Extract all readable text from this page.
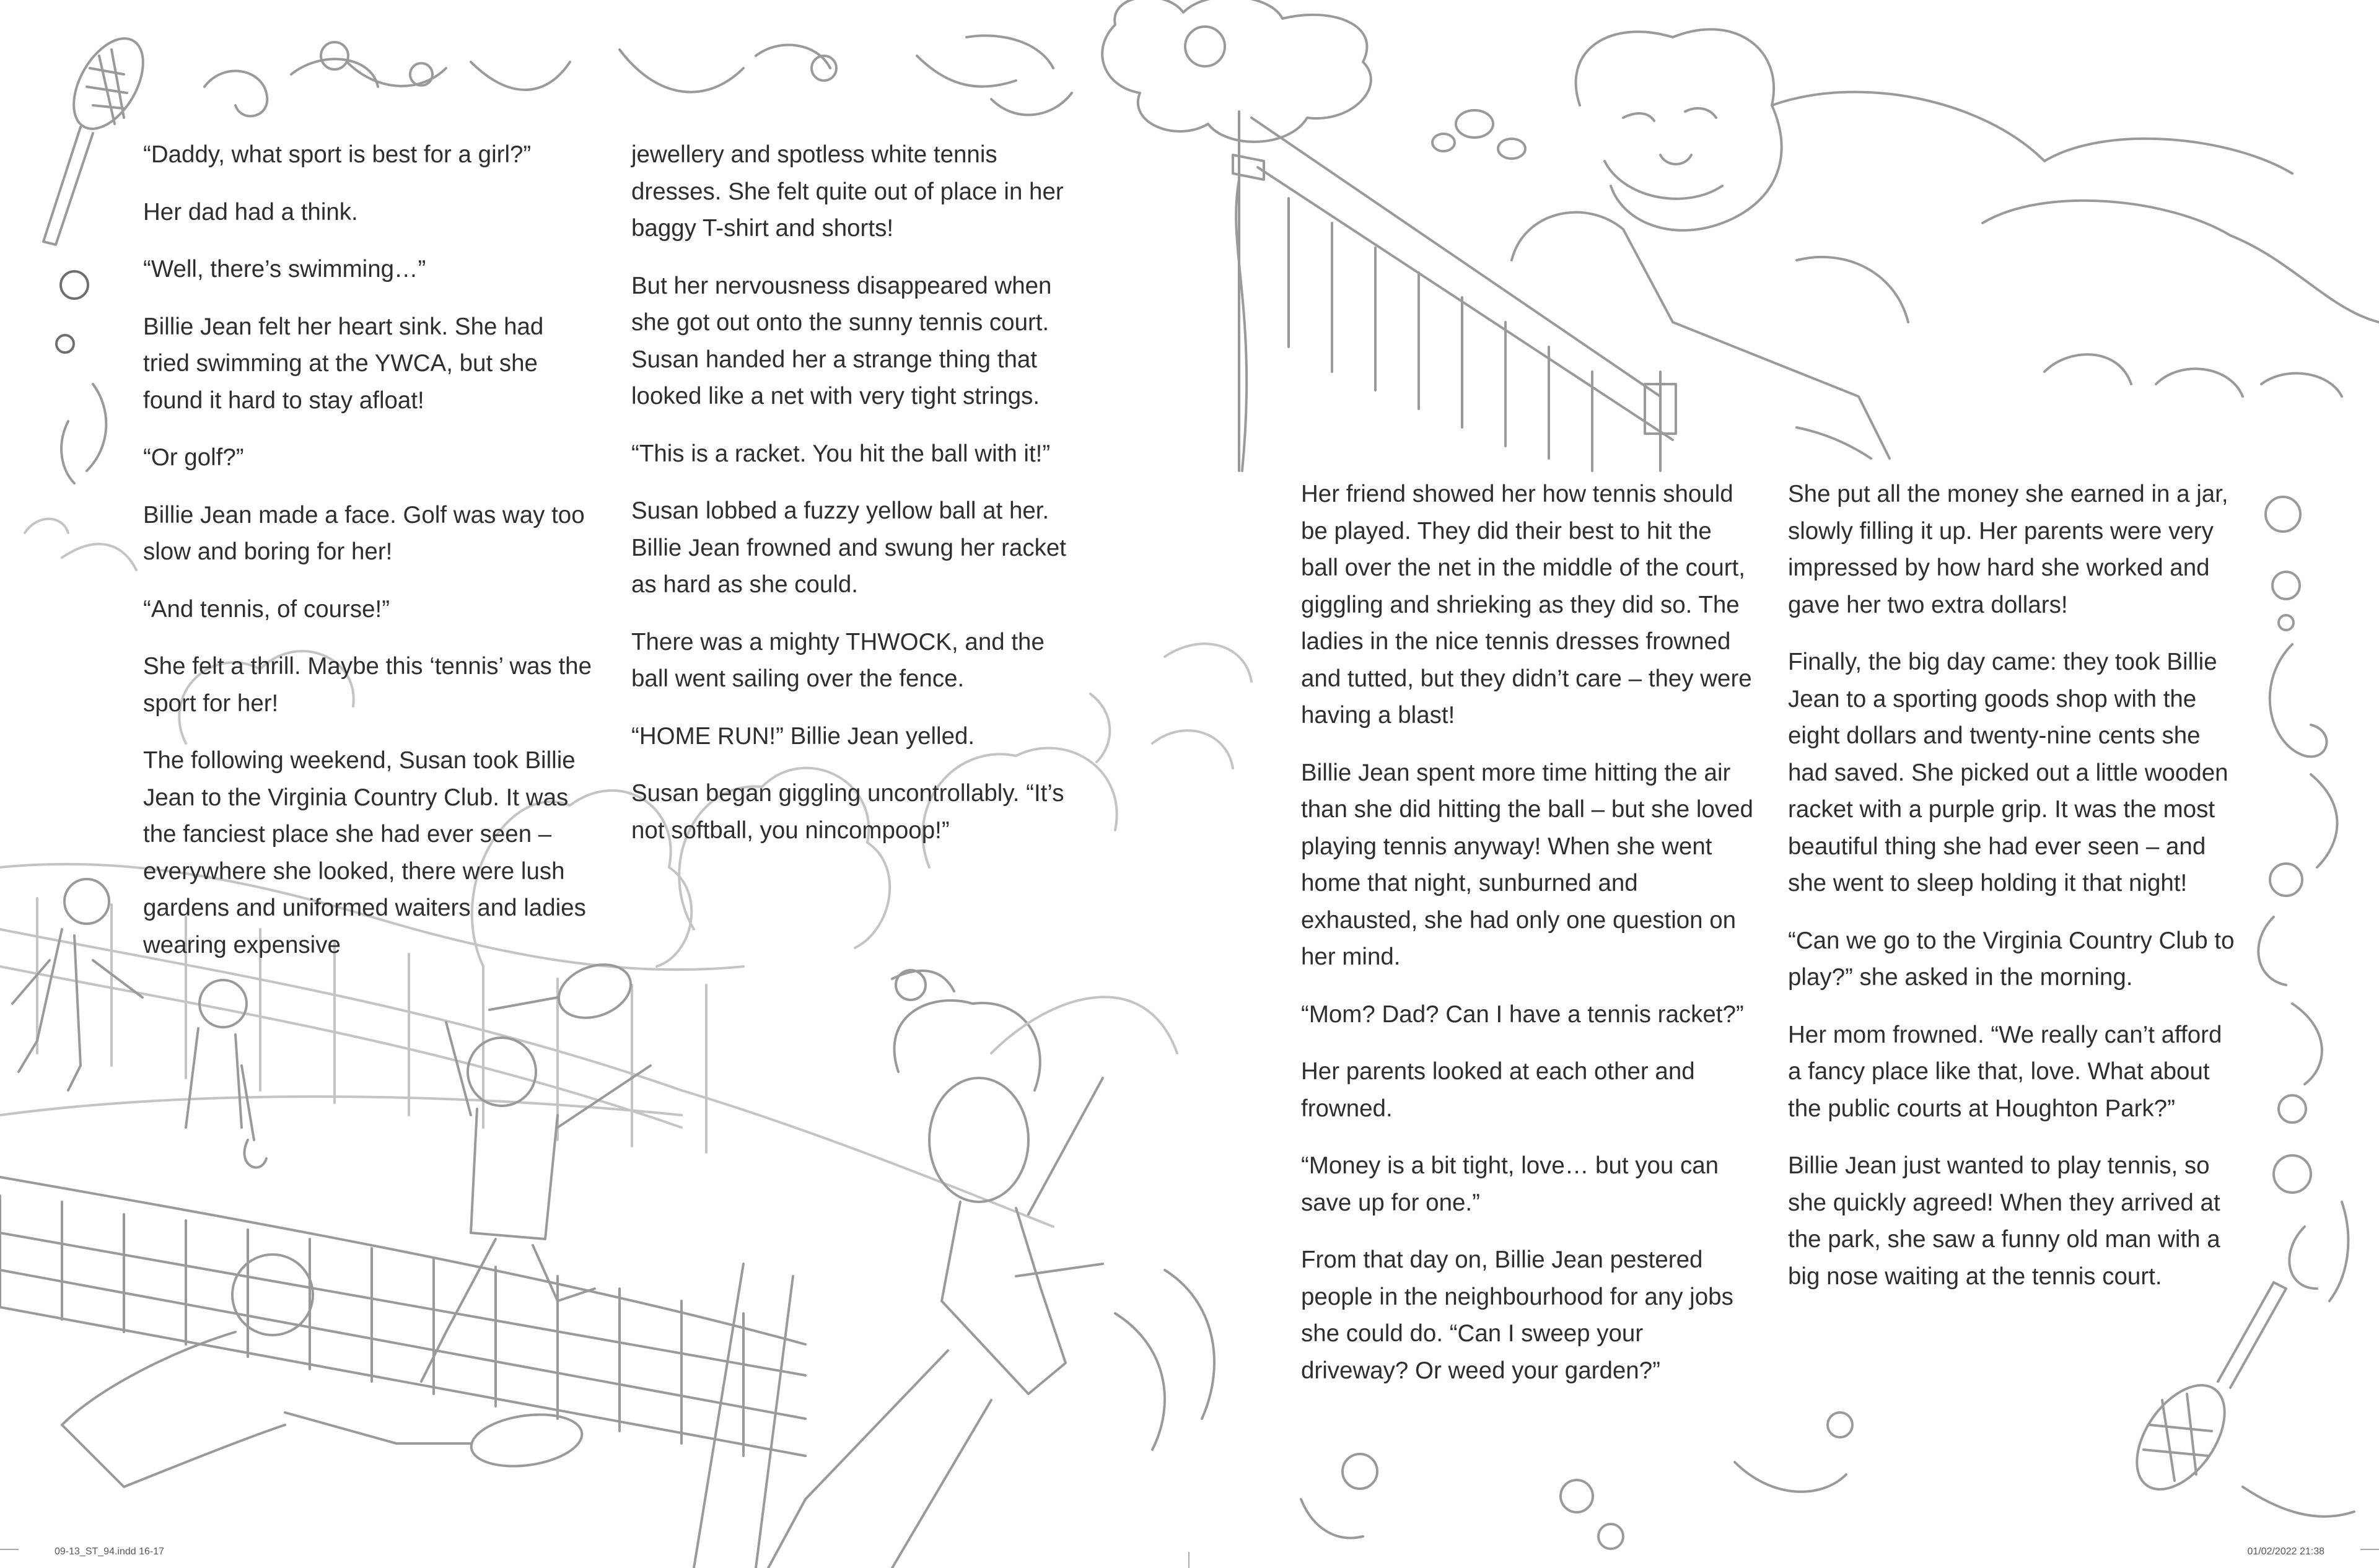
“Daddy, what sport is best for a girl?”

Her dad had a think.

“Well, there’s swimming…”

Billie Jean felt her heart sink. She had tried swimming at the YWCA, but she found it hard to stay afloat!

“Or golf?”

Billie Jean made a face. Golf was way too slow and boring for her!

“And tennis, of course!”

She felt a thrill. Maybe this ‘tennis’ was the sport for her!

The following weekend, Susan took Billie Jean to the Virginia Country Club. It was the fanciest place she had ever seen – everywhere she looked, there were lush gardens and uniformed waiters and ladies wearing expensive

jewellery and spotless white tennis dresses. She felt quite out of place in her baggy T-shirt and shorts!

But her nervousness disappeared when she got out onto the sunny tennis court. Susan handed her a strange thing that looked like a net with very tight strings.

“This is a racket. You hit the ball with it!”

Susan lobbed a fuzzy yellow ball at her. Billie Jean frowned and swung her racket as hard as she could.

There was a mighty THWOCK, and the ball went sailing over the fence.

“HOME RUN!” Billie Jean yelled.

Susan began giggling uncontrollably. “It’s not softball, you nincompoop!”

Her friend showed her how tennis should be played. They did their best to hit the ball over the net in the middle of the court, giggling and shrieking as they did so. The ladies in the nice tennis dresses frowned and tutted, but they didn’t care – they were having a blast!

Billie Jean spent more time hitting the air than she did hitting the ball – but she loved playing tennis anyway! When she went home that night, sunburned and exhausted, she had only one question on her mind.

“Mom? Dad? Can I have a tennis racket?”

Her parents looked at each other and frowned.

“Money is a bit tight, love… but you can save up for one.”

From that day on, Billie Jean pestered people in the neighbourhood for any jobs she could do. “Can I sweep your driveway? Or weed your garden?”

She put all the money she earned in a jar, slowly filling it up. Her parents were very impressed by how hard she worked and gave her two extra dollars!

Finally, the big day came: they took Billie Jean to a sporting goods shop with the eight dollars and twenty-nine cents she had saved. She picked out a little wooden racket with a purple grip. It was the most beautiful thing she had ever seen – and she went to sleep holding it that night!

“Can we go to the Virginia Country Club to play?” she asked in the morning.

Her mom frowned. “We really can’t afford a fancy place like that, love. What about the public courts at Houghton Park?”

Billie Jean just wanted to play tennis, so she quickly agreed! When they arrived at the park, she saw a funny old man with a big nose waiting at the tennis court.

09-13_ST_94.indd 16-17	01/02/2022 21:38
